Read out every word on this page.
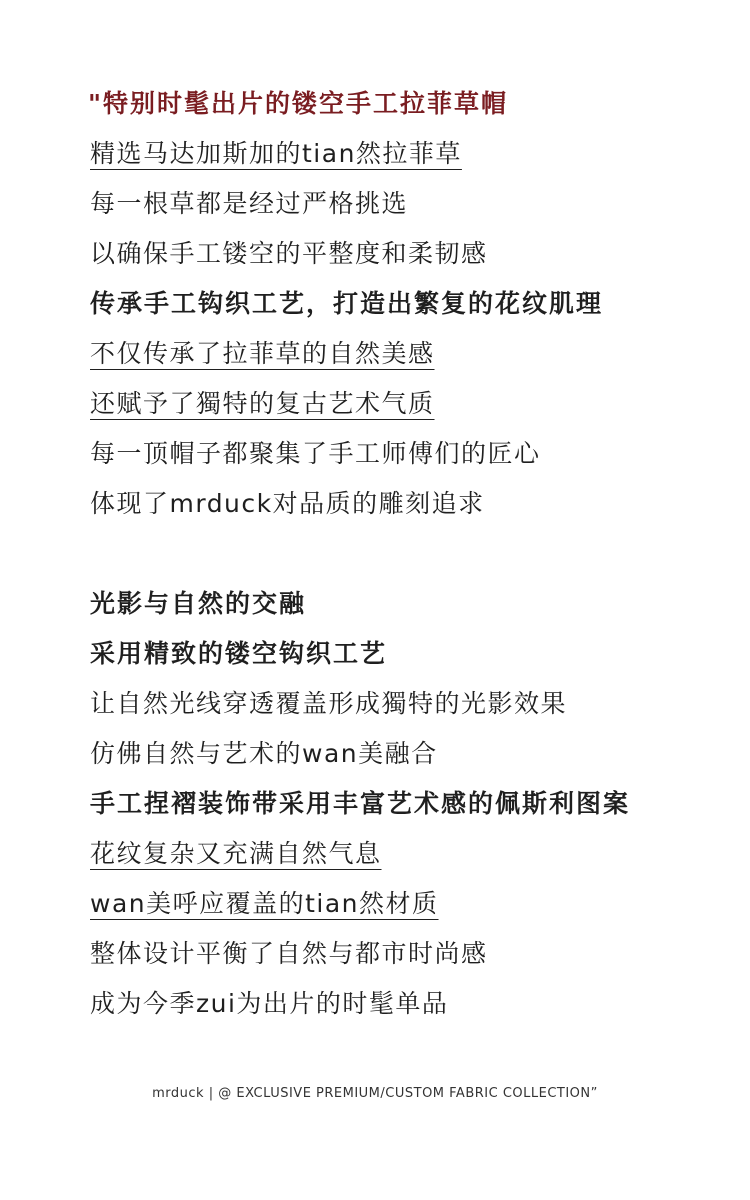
"特别时髦出片的镂空手工拉菲草帽
精选马达加斯加的tian然拉菲草
每一根草都是经过严格挑选
以确保手工镂空的平整度和柔韧感
传承手工钩织工艺，打造出繁复的花纹肌理
不仅传承了拉菲草的自然美感
还赋予了獨特的复古艺术气质
每一顶帽子都聚集了手工师傅们的匠心
体现了mrduck对品质的雕刻追求
光影与自然的交融
采用精致的镂空钩织工艺
让自然光线穿透覆盖形成獨特的光影效果
仿佛自然与艺术的wan美融合
手工捏褶装饰带采用丰富艺术感的佩斯利图案
花纹复杂又充满自然气息
wan美呼应覆盖的tian然材质
整体设计平衡了自然与都市时尚感
成为今季zui为出片的时髦单品
mrduck | @ EXCLUSIVE PREMIUM/CUSTOM FABRIC COLLECTION”
